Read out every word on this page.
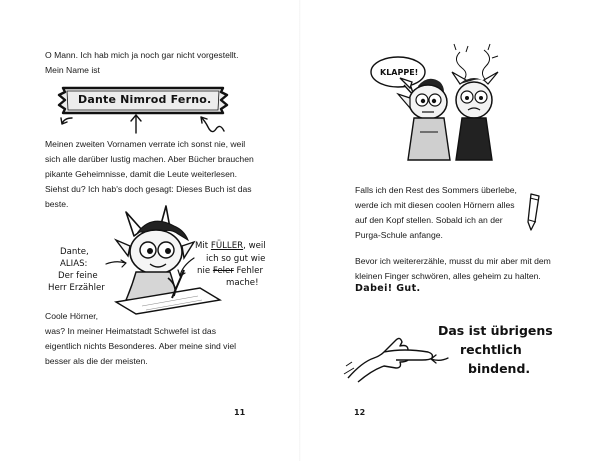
O Mann. Ich hab mich ja noch gar nicht vorgestellt.
Mein Name ist
Dante Nimrod Ferno.
Meinen zweiten Vornamen verrate ich sonst nie, weil
sich alle darüber lustig machen. Aber Bücher brauchen
pikante Geheimnisse, damit die Leute weiterlesen.
Siehst du? Ich hab's doch gesagt: Dieses Buch ist das
beste.
Dante,
ALIAS:
Der feine
Herr Erzähler
Mit FÜLLER, weil
ich so gut wie
nie Feler Fehler
mache!
Coole Hörner,
was? In meiner Heimatstadt Schwefel ist das
eigentlich nichts Besonderes. Aber meine sind viel
besser als die der meisten.
11
KLAPPE!
Falls ich den Rest des Sommers überlebe,
werde ich mit diesen coolen Hörnern alles
auf den Kopf stellen. Sobald ich an der
Purga-Schule anfange.
Bevor ich weitererzähle, musst du mir aber mit dem
kleinen Finger schwören, alles geheim zu halten.
Dabei! Gut.
Das ist übrigens
rechtlich
bindend.
12
